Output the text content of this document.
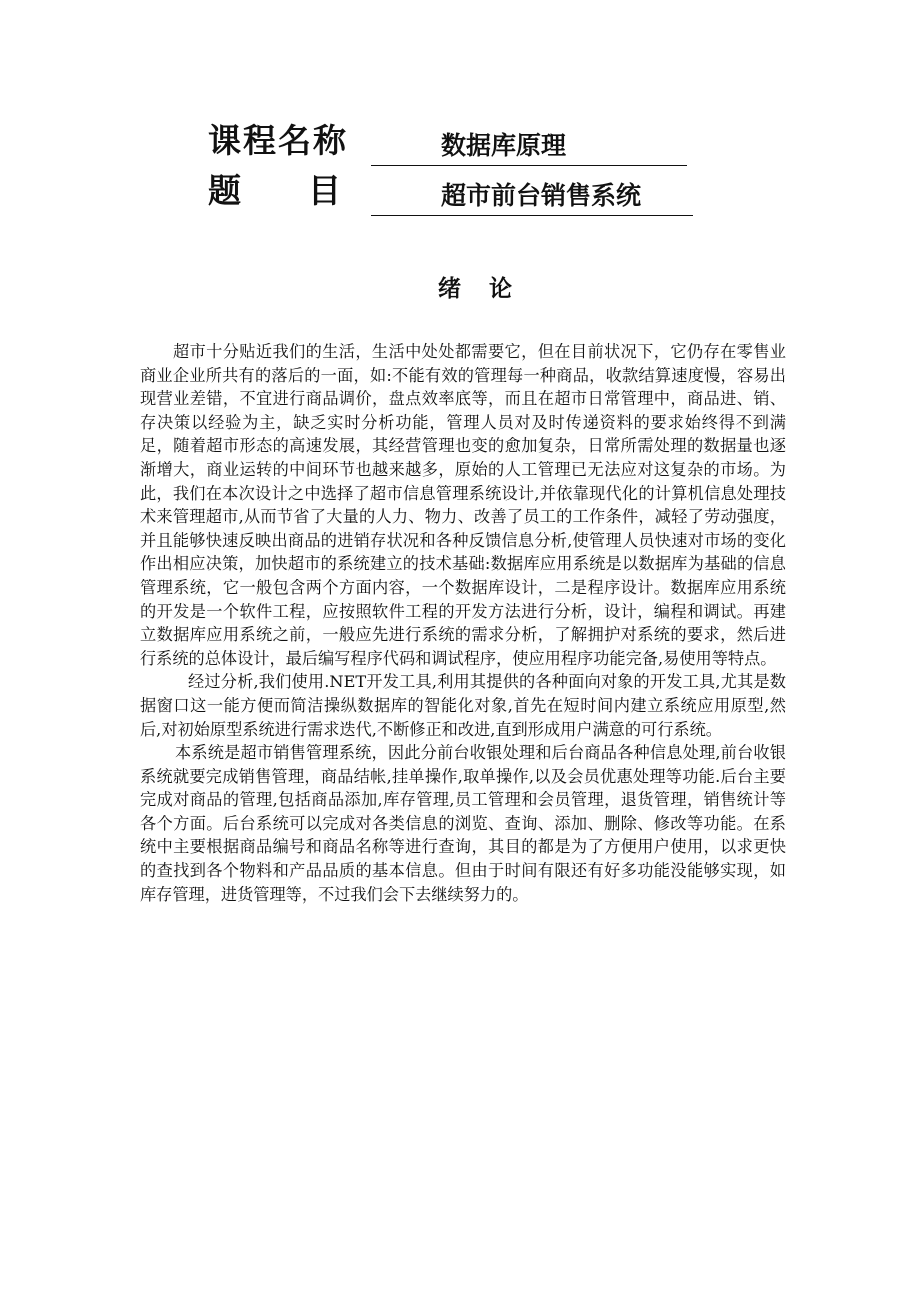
课程名称	数据库原理
题 目	超市前台销售系统
绪 论

超市十分贴近我们的生活，生活中处处都需要它，但在目前状况下，它仍存在零售业商业企业所共有的落后的一面，如:不能有效的管理每一种商品，收款结算速度慢，容易出现营业差错，不宜进行商品调价，盘点效率底等，而且在超市日常管理中，商品进、销、存决策以经验为主，缺乏实时分析功能，管理人员对及时传递资料的要求始终得不到满足，随着超市形态的高速发展，其经营管理也变的愈加复杂，日常所需处理的数据量也逐渐增大，商业运转的中间环节也越来越多，原始的人工管理已无法应对这复杂的市场。为此，我们在本次设计之中选择了超市信息管理系统设计,并依靠现代化的计算机信息处理技术来管理超市,从而节省了大量的人力、物力、改善了员工的工作条件，减轻了劳动强度，并且能够快速反映出商品的进销存状况和各种反馈信息分析,使管理人员快速对市场的变化作出相应决策，加快超市的系统建立的技术基础:数据库应用系统是以数据库为基础的信息管理系统，它一般包含两个方面内容，一个数据库设计，二是程序设计。数据库应用系统的开发是一个软件工程，应按照软件工程的开发方法进行分析，设计，编程和调试。再建立数据库应用系统之前，一般应先进行系统的需求分析，了解拥护对系统的要求，然后进行系统的总体设计，最后编写程序代码和调试程序，使应用程序功能完备,易使用等特点。

经过分析,我们使用.NET开发工具,利用其提供的各种面向对象的开发工具,尤其是数据窗口这一能方便而简洁操纵数据库的智能化对象,首先在短时间内建立系统应用原型,然后,对初始原型系统进行需求迭代,不断修正和改进,直到形成用户满意的可行系统。

本系统是超市销售管理系统，因此分前台收银处理和后台商品各种信息处理,前台收银系统就要完成销售管理，商品结帐,挂单操作,取单操作,以及会员优惠处理等功能.后台主要完成对商品的管理,包括商品添加,库存管理,员工管理和会员管理，退货管理，销售统计等各个方面。后台系统可以完成对各类信息的浏览、查询、添加、删除、修改等功能。在系统中主要根据商品编号和商品名称等进行查询，其目的都是为了方便用户使用，以求更快的查找到各个物料和产品品质的基本信息。但由于时间有限还有好多功能没能够实现，如库存管理，进货管理等，不过我们会下去继续努力的。
